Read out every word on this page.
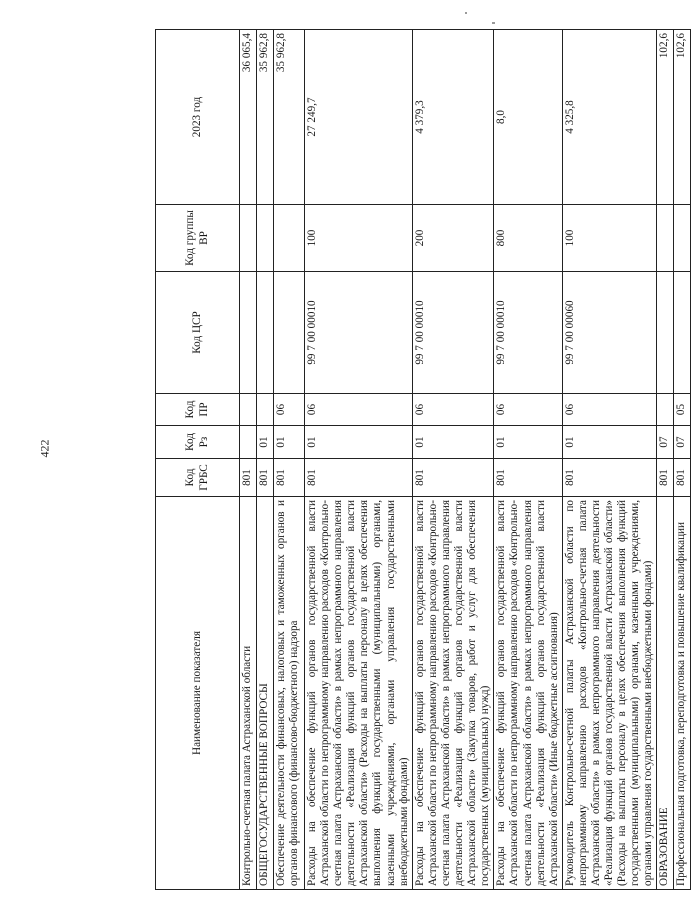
422
Наименование показателя	Код ГРБС	Код Рз	Код ПР	Код ЦСР	Код группы ВР	2023 год
Контрольно-счетная палата Астраханской области	801					36 065,4
ОБЩЕГОСУДАРСТВЕННЫЕ ВОПРОСЫ	801	01				35 962,8
Обеспечение деятельности финансовых, налоговых и таможенных органов и органов финансового (финансово-бюджетного) надзора	801	01	06			35 962,8
Расходы на обеспечение функций органов государственной власти Астраханской области по непрограммному направлению расходов «Контрольно-счетная палата Астраханской области» в рамках непрограммного направления деятельности «Реализация функций органов государственной власти Астраханской области» (Расходы на выплаты персоналу в целях обеспечения выполнения функций государственными (муниципальными) органами, казенными учреждениями, органами управления государственными внебюджетными фондами)	801	01	06	99 7 00 00010	100	27 249,7
Расходы на обеспечение функций органов государственной власти Астраханской области по непрограммному направлению расходов «Контрольно-счетная палата Астраханской области» в рамках непрограммного направления деятельности «Реализация функций органов государственной власти Астраханской области» (Закупка товаров, работ и услуг для обеспечения государственных (муниципальных) нужд)	801	01	06	99 7 00 00010	200	4 379,3
Расходы на обеспечение функций органов государственной власти Астраханской области по непрограммному направлению расходов «Контрольно-счетная палата Астраханской области» в рамках непрограммного направления деятельности «Реализация функций органов государственной власти Астраханской области» (Иные бюджетные ассигнования)	801	01	06	99 7 00 00010	800	8,0
Руководитель Контрольно-счетной палаты Астраханской области по непрограммному направлению расходов «Контрольно-счетная палата Астраханской области» в рамках непрограммного направления деятельности «Реализация функций органов государственной власти Астраханской области» (Расходы на выплаты персоналу в целях обеспечения выполнения функций государственными (муниципальными) органами, казенными учреждениями, органами управления государственными внебюджетными фондами)	801	01	06	99 7 00 00060	100	4 325,8
ОБРАЗОВАНИЕ	801	07				102,6
Профессиональная подготовка, переподготовка и повышение квалификации	801	07	05			102,6
